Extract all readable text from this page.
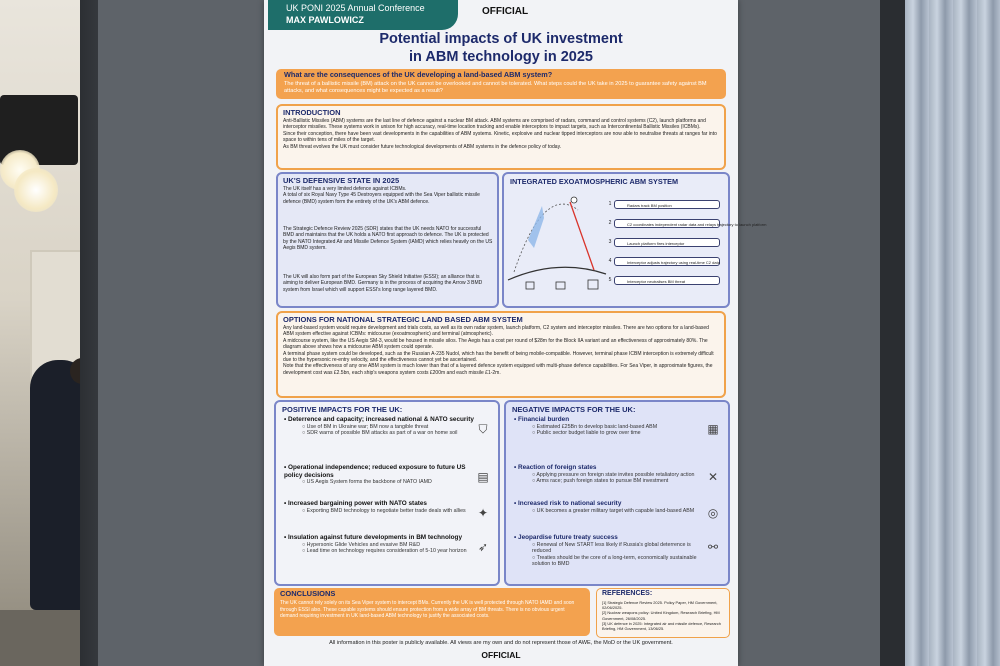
UK PONI 2025 Annual Conference
MAX PAWLOWICZ
OFFICIAL
Potential impacts of UK investment
in ABM technology in 2025
What are the consequences of the UK developing a land-based ABM system?
The threat of a ballistic missile (BM) attack on the UK cannot be overlooked and cannot be tolerated. What steps could the UK take in 2025 to guarantee safety against BM attacks, and what consequences might be expected as a result?
INTRODUCTION
Anti-Ballistic Missiles (ABM) systems are the last line of defence against a nuclear BM attack. ABM systems are comprised of radars, command and control systems (C2), launch platforms and interceptor missiles. These systems work in unison for high accuracy, real-time location tracking and enable interceptors to impact targets, such as Intercontinental Ballistic Missiles (ICBMs).
Since their conception, there have been vast developments in the capabilities of ABM systems. Kinetic, explosive and nuclear tipped interceptors are now able to neutralise threats at ranges far into space to within tens of miles of the target.
As BM threat evolves the UK must consider future technological developments of ABM systems in the defence policy of today.
UK'S DEFENSIVE STATE IN 2025
The UK itself has a very limited defence against ICBMs.
A total of six Royal Navy Type 45 Destroyers equipped with the Sea Viper ballistic missile defence (BMD) system form the entirety of the UK's ABM defence.
The Strategic Defence Review 2025 (SDR) states that the UK needs NATO for successful BMD and maintains that the UK holds a NATO first approach to defence. The UK is protected by the NATO Integrated Air and Missile Defence System (IAMD) which relies heavily on the US Aegis BMD system.
The UK will also form part of the European Sky Shield Initiative (ESSI); an alliance that is aiming to deliver European BMD. Germany is in the process of acquiring the Arrow 3 BMD system from Israel which will support ESSI's long range layered BMD.
INTEGRATED EXOATMOSPHERIC ABM SYSTEM
1	Radars track BM position
2	C2 coordinates independent radar data and relays trajectory to launch platform
3	Launch platform fires interceptor
4	Interceptor adjusts trajectory using real-time C2 data
5	Interceptor neutralises BM threat
OPTIONS FOR NATIONAL STRATEGIC LAND BASED ABM SYSTEM
Any land-based system would require development and trials costs, as well as its own radar system, launch platform, C2 system and interceptor missiles. There are two options for a land-based ABM system effective against ICBMs: midcourse (exoatmospheric) and terminal (atmospheric).
A midcourse system, like the US Aegis SM-3, would be housed in missile silos. The Aegis has a cost per round of $28m for the Block IIA variant and an effectiveness of approximately 80%. The diagram above shows how a midcourse ABM system could operate.
A terminal phase system could be developed, such as the Russian A-235 Nudol, which has the benefit of being mobile-compatible. However, terminal phase ICBM interception is extremely difficult due to the hypersonic re-entry velocity, and the effectiveness cannot yet be ascertained.
Note that the effectiveness of any one ABM system is much lower than that of a layered defence system equipped with multi-phase defence capabilities. For Sea Viper, in approximate figures, the development cost was £2.5bn, each ship's weapons system costs £200m and each missile £1-2m.
POSITIVE IMPACTS FOR THE UK:
• Deterrence and capacity; increased national & NATO security
○ Use of BM in Ukraine war; BM now a tangible threat
○ SDR warns of possible BM attacks as part of a war on home soil	⛉
• Operational independence; reduced exposure to future US policy decisions
○ US Aegis System forms the backbone of NATO IAMD	▤
• Increased bargaining power with NATO states
○ Exporting BMD technology to negotiate better trade deals with allies	✦
• Insulation against future developments in BM technology
○ Hypersonic Glide Vehicles and evasive BM R&D
○ Lead time on technology requires consideration of 5-10 year horizon ➶
NEGATIVE IMPACTS FOR THE UK:
• Financial burden
○ Estimated £25Bn to develop basic land-based ABM
○ Public sector budget liable to grow over time	▦
• Reaction of foreign states
○ Applying pressure on foreign state invites possible retaliatory action
○ Arms race; push foreign states to pursue BM investment	✕
• Increased risk to national security
○ UK becomes a greater military target with capable land-based ABM	◎
• Jeopardise future treaty success
○ Renewal of New START less likely if Russia's global deterrence is reduced
○ Treaties should be the core of a long-term, economically sustainable solution to BMD
⚯
CONCLUSIONS
The UK cannot rely solely on its Sea Viper system to intercept BMs. Currently the UK is well protected through NATO IAMD and soon through ESSI also. These capable systems should ensure protection from a wide array of BM threats. There is no obvious urgent demand requiring investment in UK land-based ABM technology to justify the associated costs.
REFERENCES:
[1] Strategic Defence Review 2025. Policy Paper, HM Government, 02/06/2025.
[2] Nuclear weapons policy: United Kingdom, Research Briefing, HM Government, 26/08/2025.
[3] UK defence in 2025: Integrated air and missile defence, Research Briefing, HM Government, 13/06/25.
All information in this poster is publicly available. All views are my own and do not represent those of AWE, the MoD or the UK government.
OFFICIAL
